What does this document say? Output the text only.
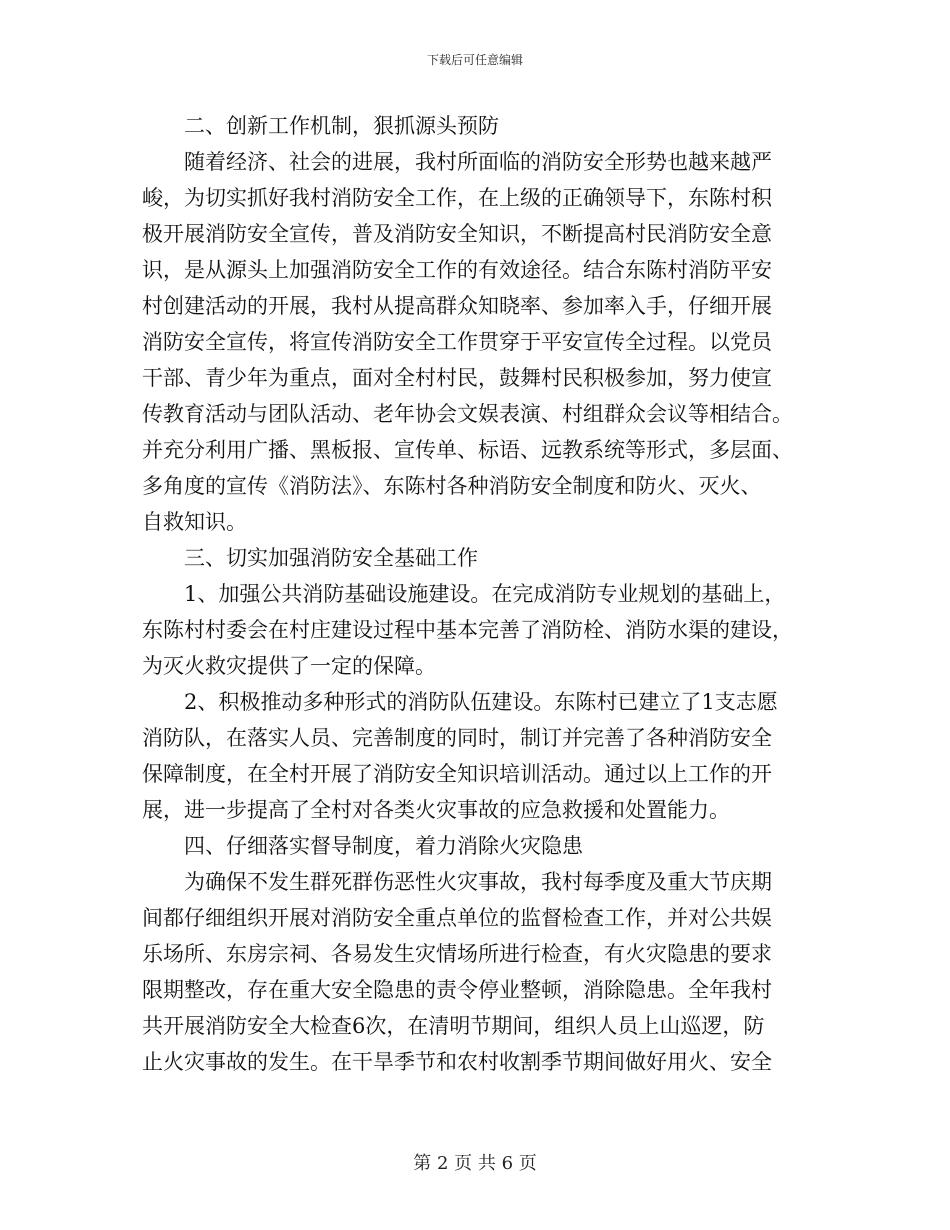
下载后可任意编辑
二、创新工作机制，狠抓源头预防
随着经济、社会的进展，我村所面临的消防安全形势也越来越严
峻，为切实抓好我村消防安全工作，在上级的正确领导下，东陈村积
极开展消防安全宣传，普及消防安全知识，不断提高村民消防安全意
识，是从源头上加强消防安全工作的有效途径。结合东陈村消防平安
村创建活动的开展，我村从提高群众知晓率、参加率入手，仔细开展
消防安全宣传，将宣传消防安全工作贯穿于平安宣传全过程。以党员
干部、青少年为重点，面对全村村民，鼓舞村民积极参加，努力使宣
传教育活动与团队活动、老年协会文娱表演、村组群众会议等相结合。
并充分利用广播、黑板报、宣传单、标语、远教系统等形式，多层面、
多角度的宣传《消防法》、东陈村各种消防安全制度和防火、灭火、
自救知识。
三、切实加强消防安全基础工作
1、加强公共消防基础设施建设。在完成消防专业规划的基础上，
东陈村村委会在村庄建设过程中基本完善了消防栓、消防水渠的建设，
为灭火救灾提供了一定的保障。
2、积极推动多种形式的消防队伍建设。东陈村已建立了1支志愿
消防队，在落实人员、完善制度的同时，制订并完善了各种消防安全
保障制度，在全村开展了消防安全知识培训活动。通过以上工作的开
展，进一步提高了全村对各类火灾事故的应急救援和处置能力。
四、仔细落实督导制度，着力消除火灾隐患
为确保不发生群死群伤恶性火灾事故，我村每季度及重大节庆期
间都仔细组织开展对消防安全重点单位的监督检查工作，并对公共娱
乐场所、东房宗祠、各易发生灾情场所进行检查，有火灾隐患的要求
限期整改，存在重大安全隐患的责令停业整顿，消除隐患。全年我村
共开展消防安全大检查6次，在清明节期间，组织人员上山巡逻，防
止火灾事故的发生。在干旱季节和农村收割季节期间做好用火、安全
第 2 页 共 6 页
